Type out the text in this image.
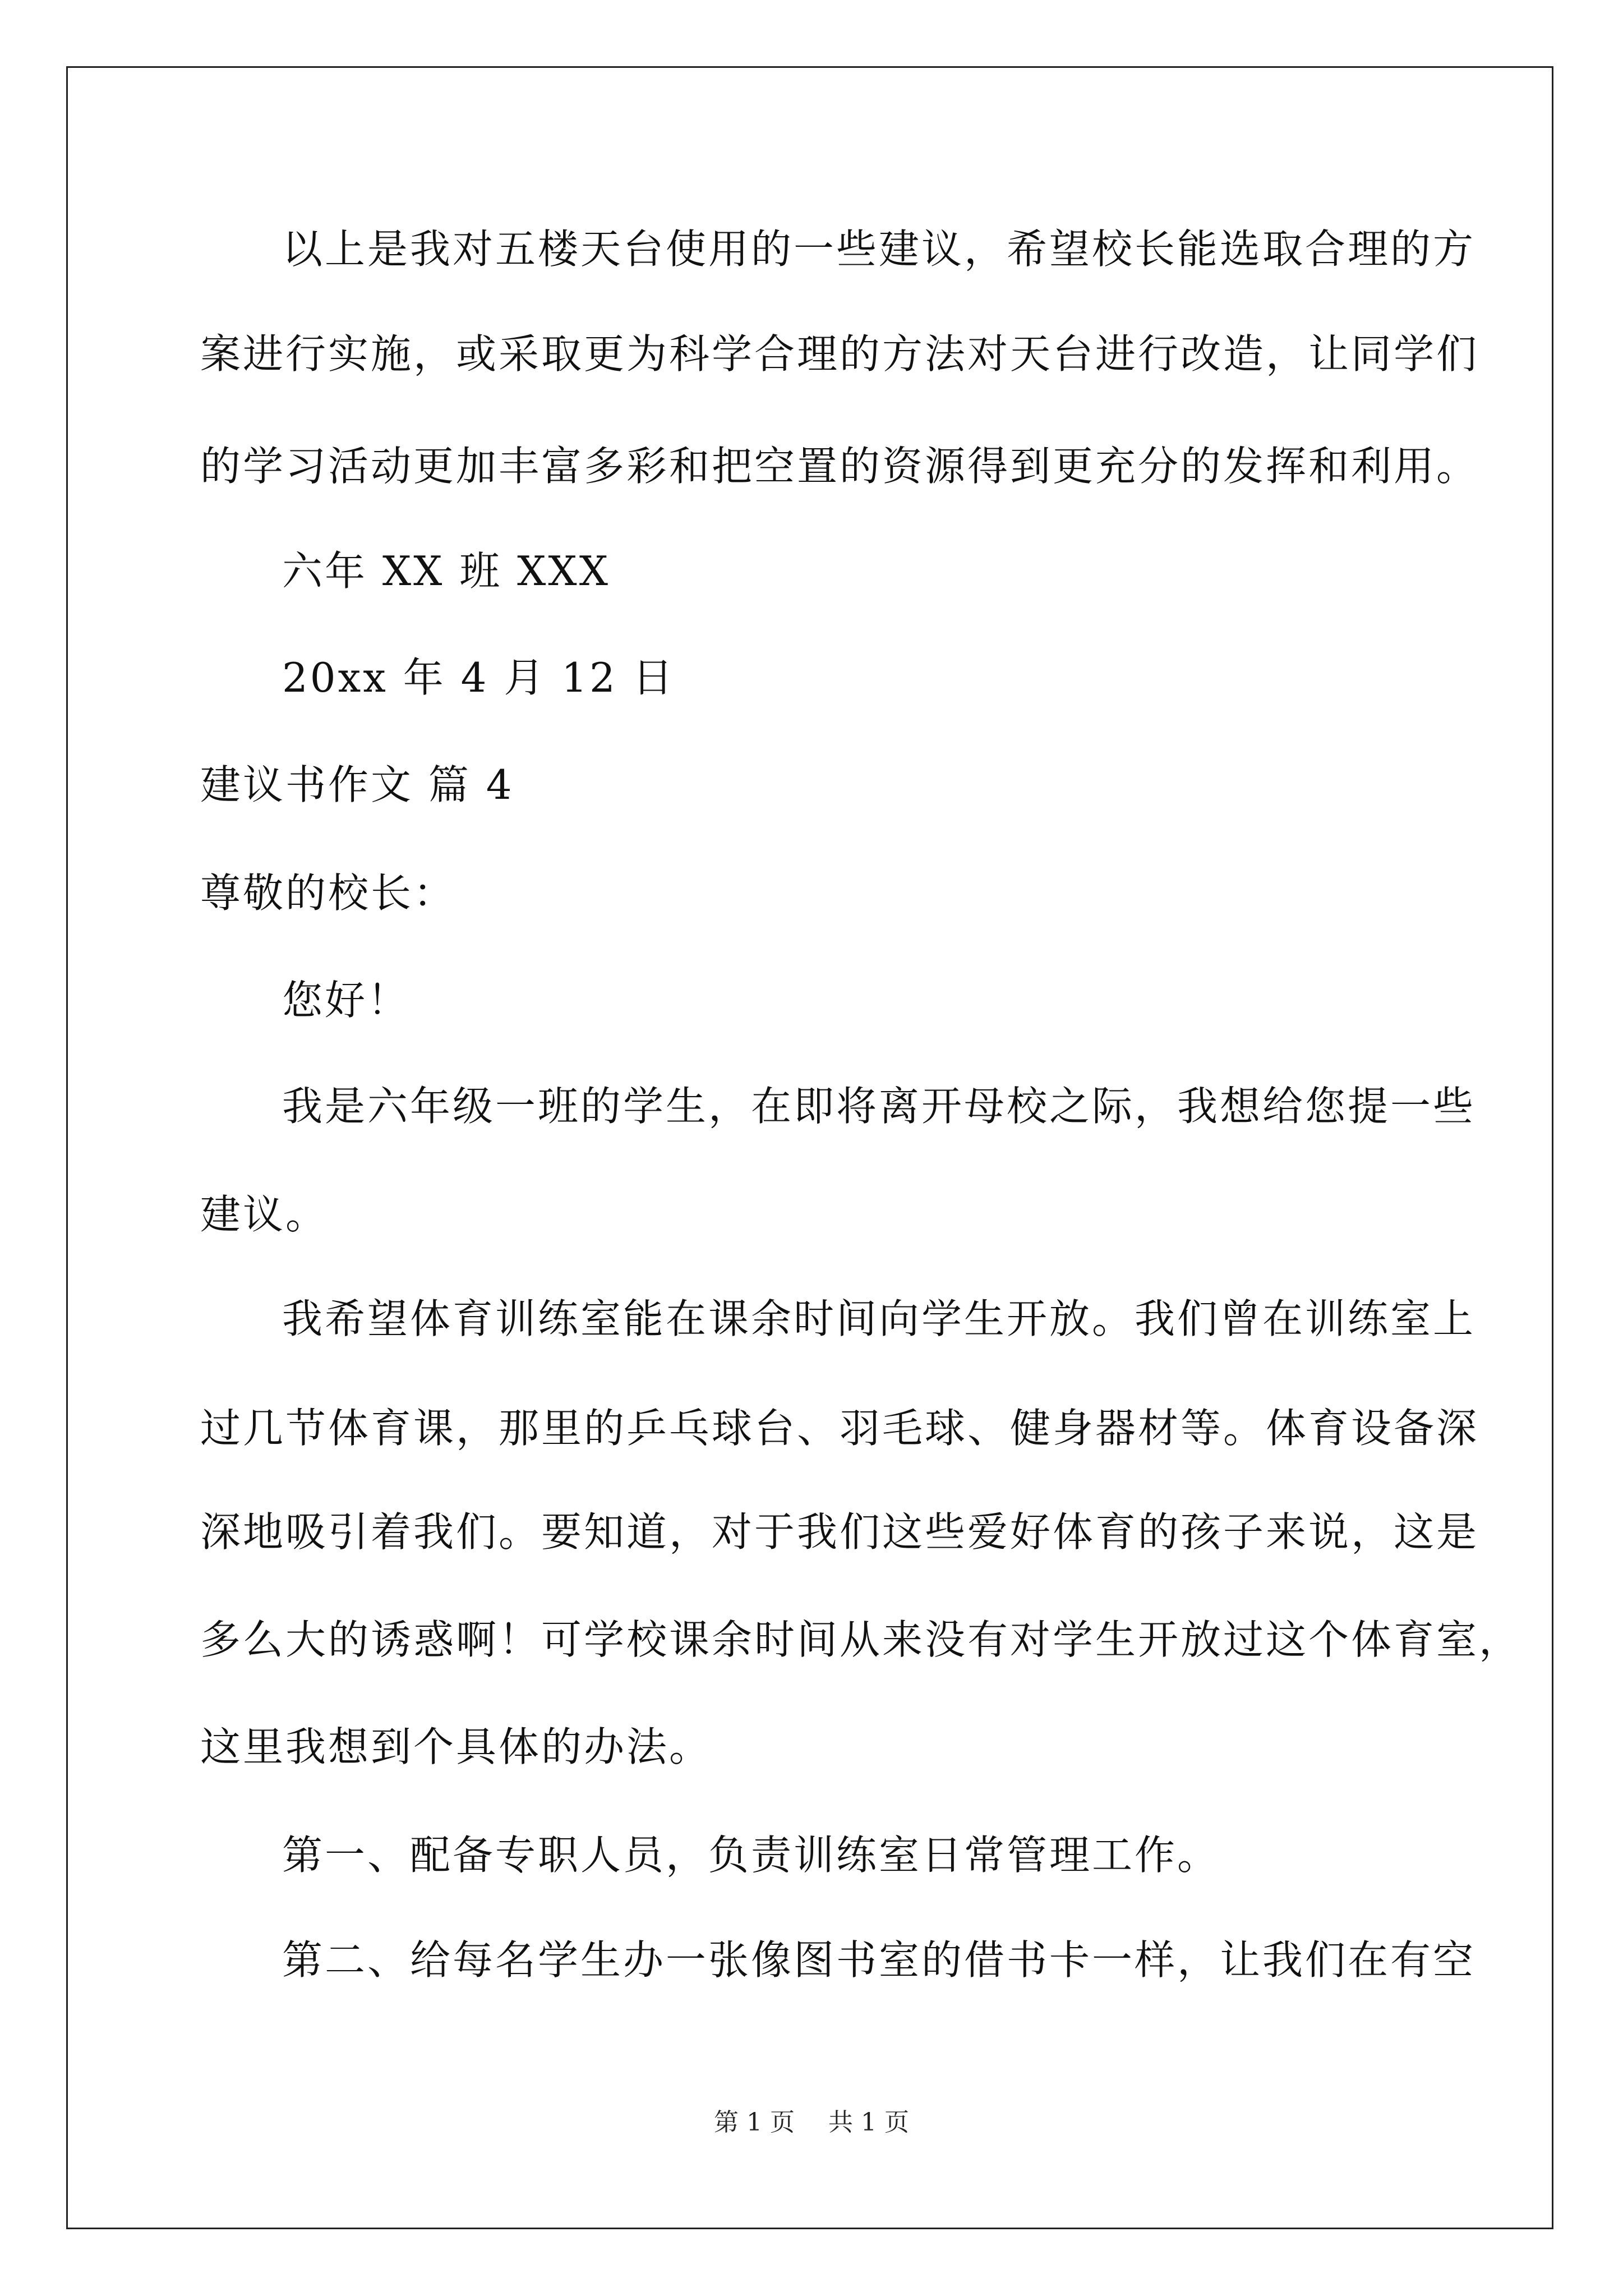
以上是我对五楼天台使用的一些建议，希望校长能选取合理的方
案进行实施，或采取更为科学合理的方法对天台进行改造，让同学们
的学习活动更加丰富多彩和把空置的资源得到更充分的发挥和利用。
六年 XX 班 XXX
20xx 年 4 月 12 日
建议书作文 篇 4
尊敬的校长：
您好！
我是六年级一班的学生，在即将离开母校之际，我想给您提一些
建议。
我希望体育训练室能在课余时间向学生开放。我们曾在训练室上
过几节体育课，那里的乒乓球台、羽毛球、健身器材等。体育设备深
深地吸引着我们。要知道，对于我们这些爱好体育的孩子来说，这是
多么大的诱惑啊！可学校课余时间从来没有对学生开放过这个体育室，
这里我想到个具体的办法。
第一、配备专职人员，负责训练室日常管理工作。
第二、给每名学生办一张像图书室的借书卡一样，让我们在有空
第 1 页 共 1 页
